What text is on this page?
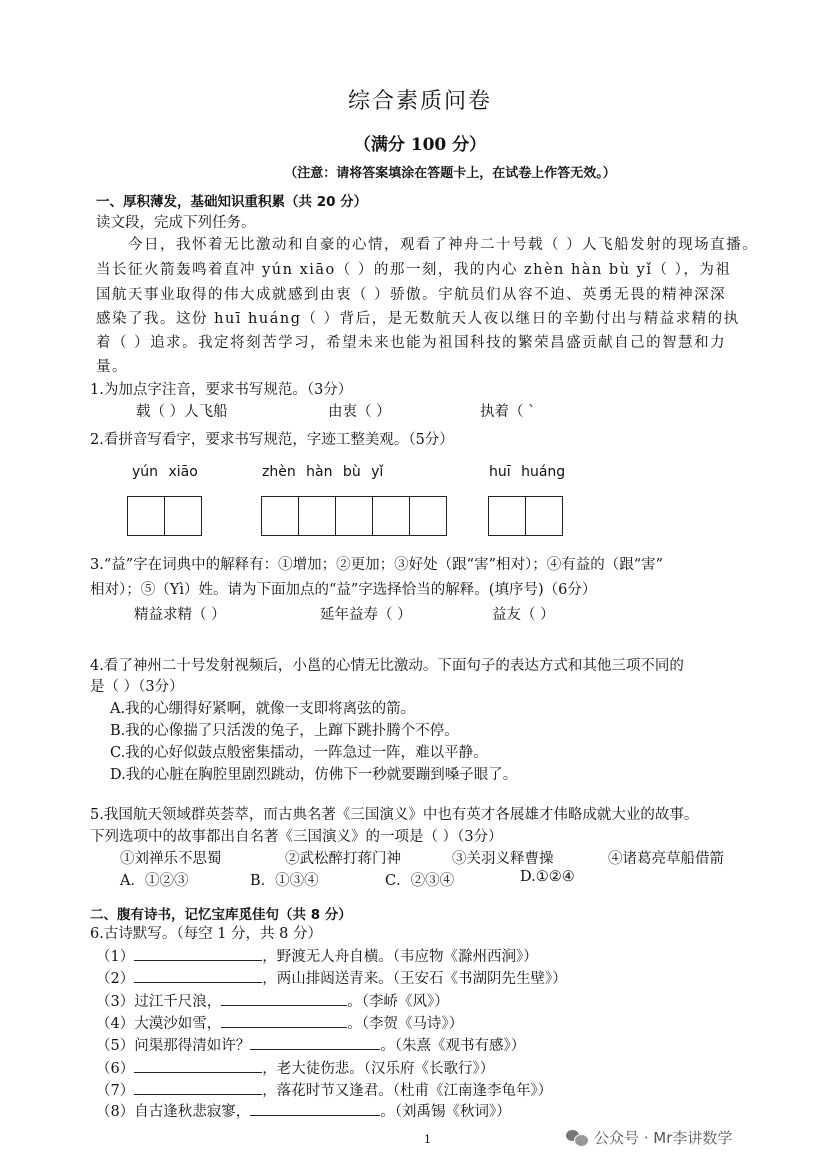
综合素质问卷
（满分 100 分）
（注意：请将答案填涂在答题卡上，在试卷上作答无效。）
一、厚积薄发，基础知识重积累（共 20 分）
读文段，完成下列任务。
今日，我怀着无比激动和自豪的心情，观看了神舟二十号载（ ）人飞船发射的现场直播。
当长征火箭轰鸣着直冲 yún xiāo（ ）的那一刻，我的内心 zhèn hàn bù yǐ（ ），为祖
国航天事业取得的伟大成就感到由衷（ ）骄傲。宇航员们从容不迫、英勇无畏的精神深深
感染了我。这份 huī huáng（ ）背后，是无数航天人夜以继日的辛勤付出与精益求精的执
着（ ）追求。我定将刻苦学习，希望未来也能为祖国科技的繁荣昌盛贡献自己的智慧和力
量。
1.为加点字注音，要求书写规范。（3分）
载（ ）人飞船	由衷（ ）	执着（ `
2.看拼音写看字，要求书写规范，字迹工整美观。（5分）
yún xiāo	zhèn hàn bù yǐ	huī huáng
3.“益”字在词典中的解释有：①增加；②更加；③好处（跟“害”相对）；④有益的（跟“害”
相对）；⑤（Yì）姓。请为下面加点的“益”字选择恰当的解释。(填序号)（6分）
精益求精（ ）	延年益寿（ ）	益友（ ）
4.看了神州二十号发射视频后，小邕的心情无比激动。下面句子的表达方式和其他三项不同的
是（ ）（3分）
A.我的心绷得好紧啊，就像一支即将离弦的箭。
B.我的心像揣了只活泼的兔子，上蹿下跳扑腾个不停。
C.我的心好似鼓点般密集擂动，一阵急过一阵，难以平静。
D.我的心脏在胸腔里剧烈跳动，仿佛下一秒就要蹦到嗓子眼了。
5.我国航天领域群英荟萃，而古典名著《三国演义》中也有英才各展雄才伟略成就大业的故事。
下列选项中的故事都出自名著《三国演义》的一项是（ ）（3分）
①刘禅乐不思蜀	②武松醉打蒋门神	③关羽义释曹操	④诸葛亮草船借箭
A．①②③	B．①③④	C．②③④	D.①②④
二、腹有诗书，记忆宝库觅佳句（共 8 分）
6.古诗默写。（每空 1 分，共 8 分）
（1）	，野渡无人舟自横。（韦应物《滁州西涧》）
（2）	，两山排闼送青来。（王安石《书湖阴先生壁》）
（3）过江千尺浪，	。（李峤《风》）
（4）大漠沙如雪，	。（李贺《马诗》）
（5）问渠那得清如许？	。（朱熹《观书有感》）
（6）	，老大徒伤悲。（汉乐府《长歌行》）
（7）	，落花时节又逢君。（杜甫《江南逢李龟年》）
（8）自古逢秋悲寂寥，	。（刘禹锡《秋词》）
1	公众号 · Mr李讲数学
